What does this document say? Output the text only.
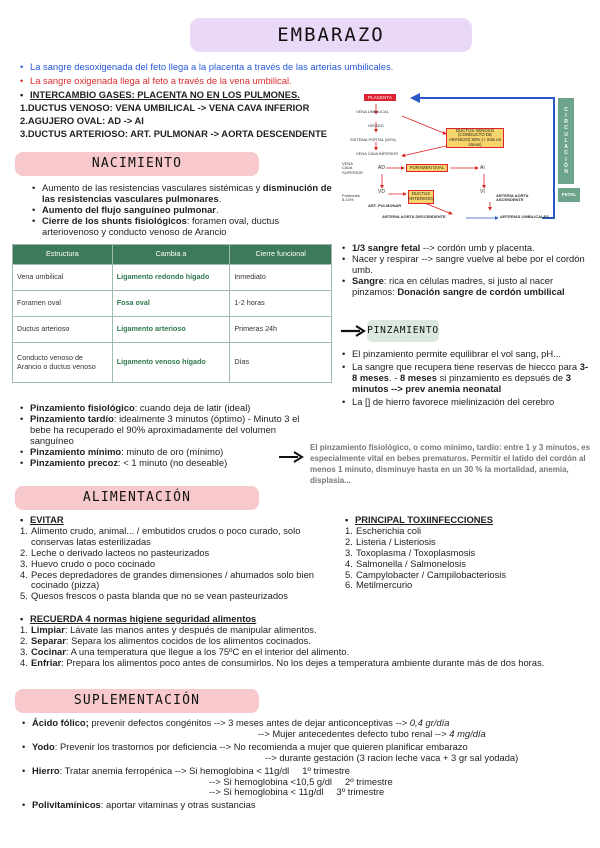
EMBARAZO
• La sangre desoxigenada del feto llega a la placenta a través de las arterias umbilicales.
• La sangre oxigenada llega al feto a través de la vena umbilical.
• INTERCAMBIO GASES: PLACENTA NO EN LOS PULMONES.
1.DUCTUS VENOSO: VENA UMBILICAL -> VENA CAVA INFERIOR
2.AGUJERO OVAL: AD -> AI
3.DUCTUS ARTERIOSO: ART. PULMONAR -> AORTA DESCENDENTE
PLACENTA
VENA UMBILICAL
HÍGADO
SISTEMA PORTAL (50%)
DUCTUS VENOSO (CONDUCTO DE ARANCIO) 50% (+ más en stress)
VENA CAVA INFERIOR
VENA CAVA SUPERIOR
AD	FORAMEN OVAL	AI
VD	VI
Pulmones 5-10%
ART. PULMONAR
DUCTUS ARTERIOSO
ARTERIA AORTA ASCENDENTE
ARTERIA AORTA DESCENDENTE	ARTERIAS UMBILICALES
C
I
R
C
U
L
A
C
I
Ó
N
FETAL
NACIMIENTO
• Aumento de las resistencias vasculares sistémicas y disminución de las resistencias vasculares pulmonares.
• Aumento del flujo sanguíneo pulmonar.
• Cierre de los shunts fisiológicos: foramen oval, ductus arteriovenoso y conducto venoso de Arancio
Estructura	Cambia a	Cierre funcional
Vena umbilical	Ligamento redondo hígado	Inmediato
Foramen oval	Fosa oval	1-2 horas
Ductus arterioso	Ligamento arterioso	Primeras 24h
Conducto venoso de Arancio o ductus venoso	Ligamento venoso hígado	Días
• 1/3 sangre fetal --> cordón umb y placenta.
• Nacer y respirar --> sangre vuelve al bebe por el cordón umb.
• Sangre: rica en células madres, si justo al nacer pinzamos: Donación sangre de cordón umbilical
PINZAMIENTO
• El pinzamiento permite equilibrar el vol sang, pH...
• La sangre que recupera tiene reservas de hiecco para 3-8 meses. - 8 meses si pinzamiento es depsués de 3 minutos --> prev anemia neonatal
• La [] de hierro favorece mielinización del cerebro
• Pinzamiento fisiológico: cuando deja de latir (ideal)
• Pinzamiento tardío: idealmente 3 minutos (óptimo) - Minuto 3 el bebe ha recuperado el 90% aproximadamente del volumen sanguíneo
• Pinzamiento mínimo: minuto de oro (mínimo)
• Pinzamiento precoz: < 1 minuto (no deseable)
El pinzamiento fisiológico, o como mínimo, tardío: entre 1 y 3 minutos, es especialmente vital en bebes prematuros. Permitir el latido del cordón al menos 1 minuto, disminuye hasta en un 30 % la mortalidad, anemia, displasia...
ALIMENTACIÓN
• EVITAR
1. Alimento crudo, animal... / embutidos crudos o poco curado, solo conservas latas esterilizadas
2. Leche o derivado lacteos no pasteurizados
3. Huevo crudo o poco cocinado
4. Peces depredadores de grandes dimensiones / ahumados solo bien cocinado (pizza)
5. Quesos frescos o pasta blanda que no se vean pasteurizados
• PRINCIPAL TOXIINFECCIONES
1. Escherichia coli
2. Listeria / Listeriosis
3. Toxoplasma / Toxoplasmosis
4. Salmonella / Salmonelosis
5. Campylobacter / Campilobacteriosis
6. Metilmercurio
• RECUERDA 4 normas higiene seguridad alimentos
1. Limpiar: Lávate las manos antes y después de manipular alimentos.
2. Separar: Separa los alimentos cocidos de los alimentos cocinados.
3. Cocinar: A una temperatura que llegue a los 75ºC en el interior del alimento.
4. Enfriar: Prepara los alimentos poco antes de consumirlos. No los dejes a temperatura ambiente durante más de dos horas.
SUPLEMENTACIÓN
• Ácido fólico; prevenir defectos congénitos --> 3 meses antes de dejar anticonceptivas --> 0,4 gr/día
--> Mujer antecedentes defecto tubo renal --> 4 mg/día
• Yodo: Prevenir los trastornos por deficiencia --> No recomienda a mujer que quieren planificar embarazo
--> durante gestación (3 racion leche vaca + 3 gr sal yodada)
• Hierro: Tratar anemia ferropénica --> Si hemoglobina < 11g/dl     1º trimestre
--> Si hemoglobina <10,5 g/dl     2º trimestre
--> Si hemoglobina < 11g/dl     3º trimestre
• Polivitamínicos: aportar vitaminas y otras sustancias
